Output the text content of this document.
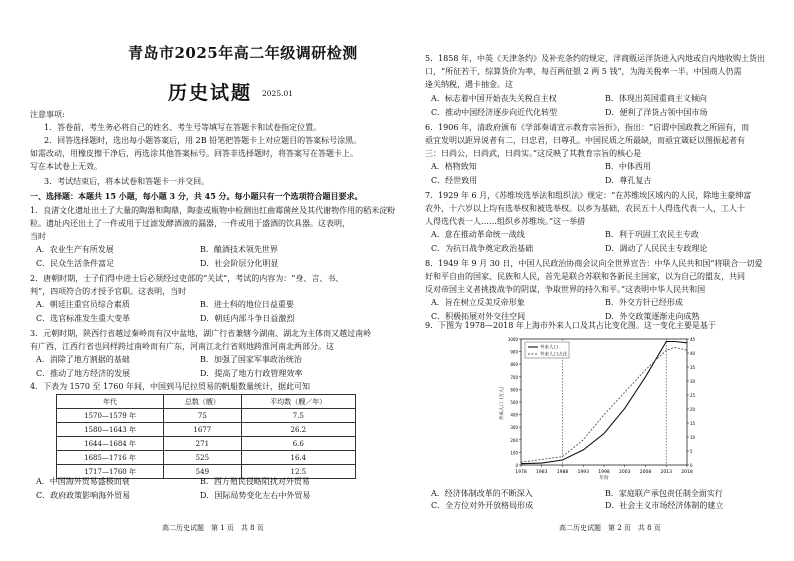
青岛市2025年高二年级调研检测
历史试题 2025.01
注意事项:
1．答卷前，考生务必将自己的姓名、考生号等填写在答题卡和试卷指定位置。
2．回答选择题时，选出每小题答案后，用 2B 铅笔把答题卡上对应题目的答案标号涂黑。
如需改动，用橡皮擦干净后，再选涂其他答案标号。回答非选择题时，将答案写在答题卡上。
写在本试卷上无效。
3．考试结束后，将本试卷和答题卡一并交回。
一、选择题：本题共 15 小题，每小题 3 分，共 45 分。每小题只有一个选项符合题目要求。
1．良渚文化遗址出土了大量的陶器和陶鼎，陶壶或瓶物中检测出红曲霉菌丝及其代谢物作用的稻米淀粉
粒。遗址内还出土了一件或用于过滤发酵酒液的漏器，一件或用于盛酒的饮具器。这表明，
当时
A．农业生产有所发展	B．酿酒技术领先世界
C．民众生活条件富足	D．社会阶层分化明显
2．唐朝时期，士子们得中进士后必须经过吏部的“关试”，考试的内容为：“身、言、书、
判”，四项符合的才授予官职。这表明，当时
A．朝廷注重官员综合素质	B．进士科的地位日益重要
C．选官标准发生重大变革	D．朝廷内部斗争日益激烈
3．元朝时期，陕西行省越过秦岭而有汉中盆地，湖广行省兼辖今湖南、湖北为主体而又越过南岭
有广西，江西行省也同样跨过南岭而有广东，河南江北行省则地跨淮河南北两部分。这
A．消除了地方割据的基础	B．加强了国家军事政治统治
C．推动了地方经济的发展	D．提高了地方行政管理效率
4．下表为 1570 至 1760 年间，中国到马尼拉贸易的帆船数量统计，据此可知
年代	总数（艘）	平均数（艘／年）
1570—1579 年	75	7.5
1580—1643 年	1677	26.2
1644—1684 年	271	6.6
1685—1716 年	525	16.4
1717—1760 年	549	12.5
A．中国海外贸易盛极而衰	B．西方殖民侵略阻扰对外贸易
C．政府政策影响海外贸易	D．国际局势变化左右中外贸易
高二历史试题　第 1 页　共 8 页
5．1858 年，中英《天津条约》及补充条约的规定，洋商贩运洋货进入内地或自内地收购土货出
口，“所征若干，综算货价为率，每百两征银 2 两 5 钱”，为海关税率一半。中国商人仍需
逢关纳税，遇卡抽金。这
A．标志着中国开始丧失关税自主权	B．体现出英国重商主义倾向
C．推动中国经济逐步向近代化转型	D．便利了洋货占领中国市场
6．1906 年，清政府颁布《学部奏请宣示教育宗旨折》，指出：“启谓中国政教之所固有，而
亟宜发明以距异说者有二，曰忠君，曰尊孔。中国民质之所最缺，而亟宜箴砭以图振起者有
三：曰尚公，曰尚武，曰尚实。”这反映了其教育宗旨的核心是
A．格物致知	B．中体西用
C．经世致用	D．尊孔复古
7．1929 年 6 月，《苏维埃选举法和组织法》规定：“在苏维埃区域内的人民，除地主豪绅富
农外，十六岁以上均有选举权和被选举权。以乡为基础，农民五十人得选代表一人，工人十
人得选代表一人……组织乡苏维埃。”这一举措
A．意在推动革命统一战线	B．利于巩固工农民主专政
C．为抗日战争奠定政治基础	D．调动了人民民主专政理论
8．1949 年 9 月 30 日，中国人民政治协商会议向全世界宣告：中华人民共和国“将联合一切爱
好和平自由的国家、民族和人民，首先是联合苏联和各新民主国家，以为自己的盟友，共同
反对帝国主义者挑拨战争的阴谋，争取世界的持久和平。”这表明中华人民共和国
A．旨在树立反美反帝形象	B．外交方针已经形成
C．积极拓展对外交往空间	D．外交政策逐渐走向成熟
9．下图为 1978—2018 年上海市外来人口及其占比变化图。这一变化主要是基于
A．经济体制改革的不断深入	B．家庭联产承包责任制全面实行
C．全方位对外开放格局形成	D．社会主义市场经济体制的建立
高二历史试题　第 2 页　共 8 页
0
100
200
300
400
500
600
700
800
900
1000
0
5
10
15
20
25
30
35
40
45
1978 1983 1988 1993 1998 2003 2008 2013 2018
外来人口
外来人口占比
年份
外来人口（万人）
